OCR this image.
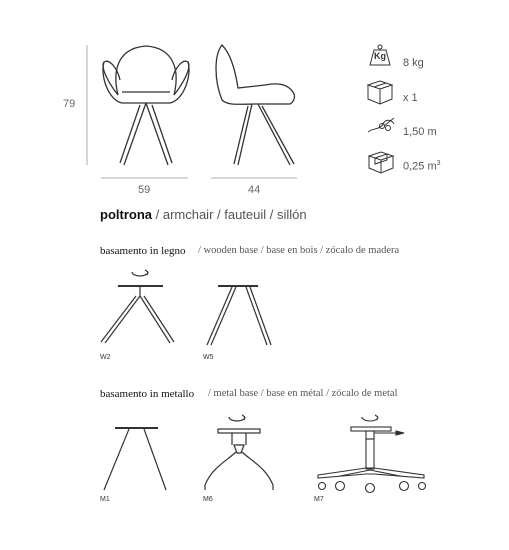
Kg
79
59	44
8 kg
x 1
1,50 m
0,25 $m^3$
poltrona / armchair / fauteuil / sillón
basamento in legno / wooden base / base en bois / zócalo de madera
W2	W5
basamento in metallo / metal base / base en métal / zócalo de metal
M1	M6	M7
